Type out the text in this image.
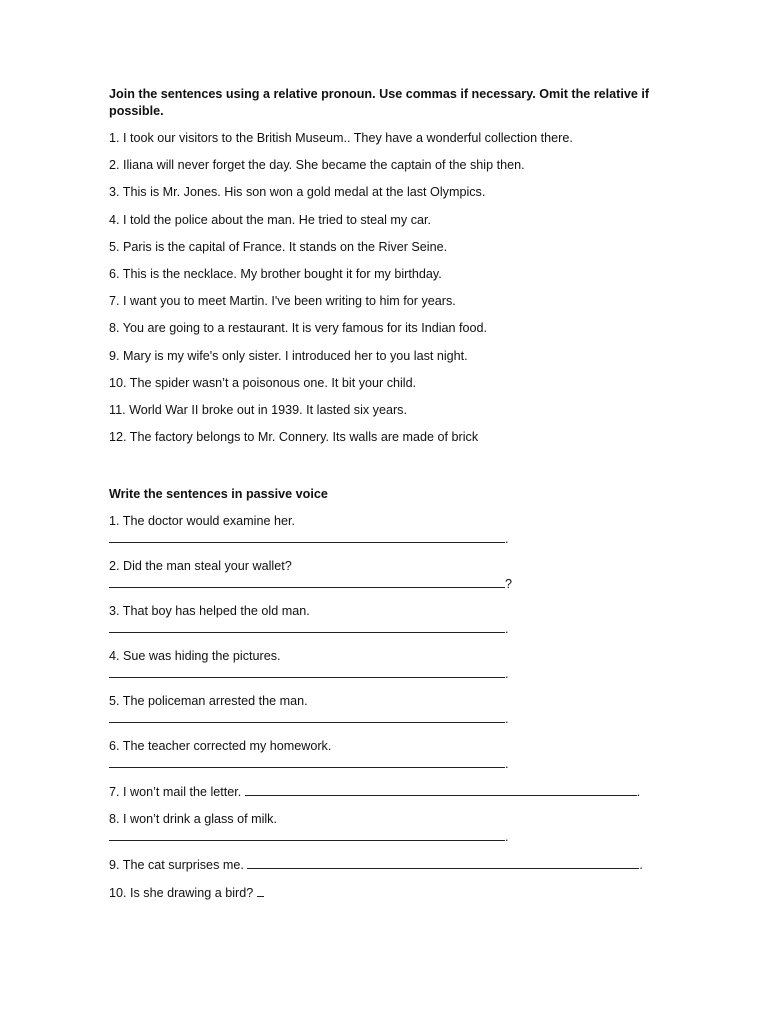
Join the sentences using a relative pronoun. Use commas if necessary. Omit the relative if possible.

1. I took our visitors to the British Museum.. They have a wonderful collection there.

2. Iliana will never forget the day. She became the captain of the ship then.

3. This is Mr. Jones. His son won a gold medal at the last Olympics.

4. I told the police about the man. He tried to steal my car.

5. Paris is the capital of France. It stands on the River Seine.

6. This is the necklace. My brother bought it for my birthday.

7. I want you to meet Martin. I've been writing to him for years.

8. You are going to a restaurant. It is very famous for its Indian food.

9. Mary is my wife's only sister. I introduced her to you last night.

10. The spider wasn’t a poisonous one. It bit your child.

11. World War II broke out in 1939. It lasted six years.

12. The factory belongs to Mr. Connery. Its walls are made of brick

Write the sentences in passive voice

1. The doctor would examine her.
.
2. Did the man steal your wallet?
?
3. That boy has helped the old man.
.
4. Sue was hiding the pictures.
.
5. The policeman arrested the man.
.
6. The teacher corrected my homework.
.
7. I won’t mail the letter.	.
8. I won’t drink a glass of milk.
.
9. The cat surprises me.	.
10. Is she drawing a bird?
